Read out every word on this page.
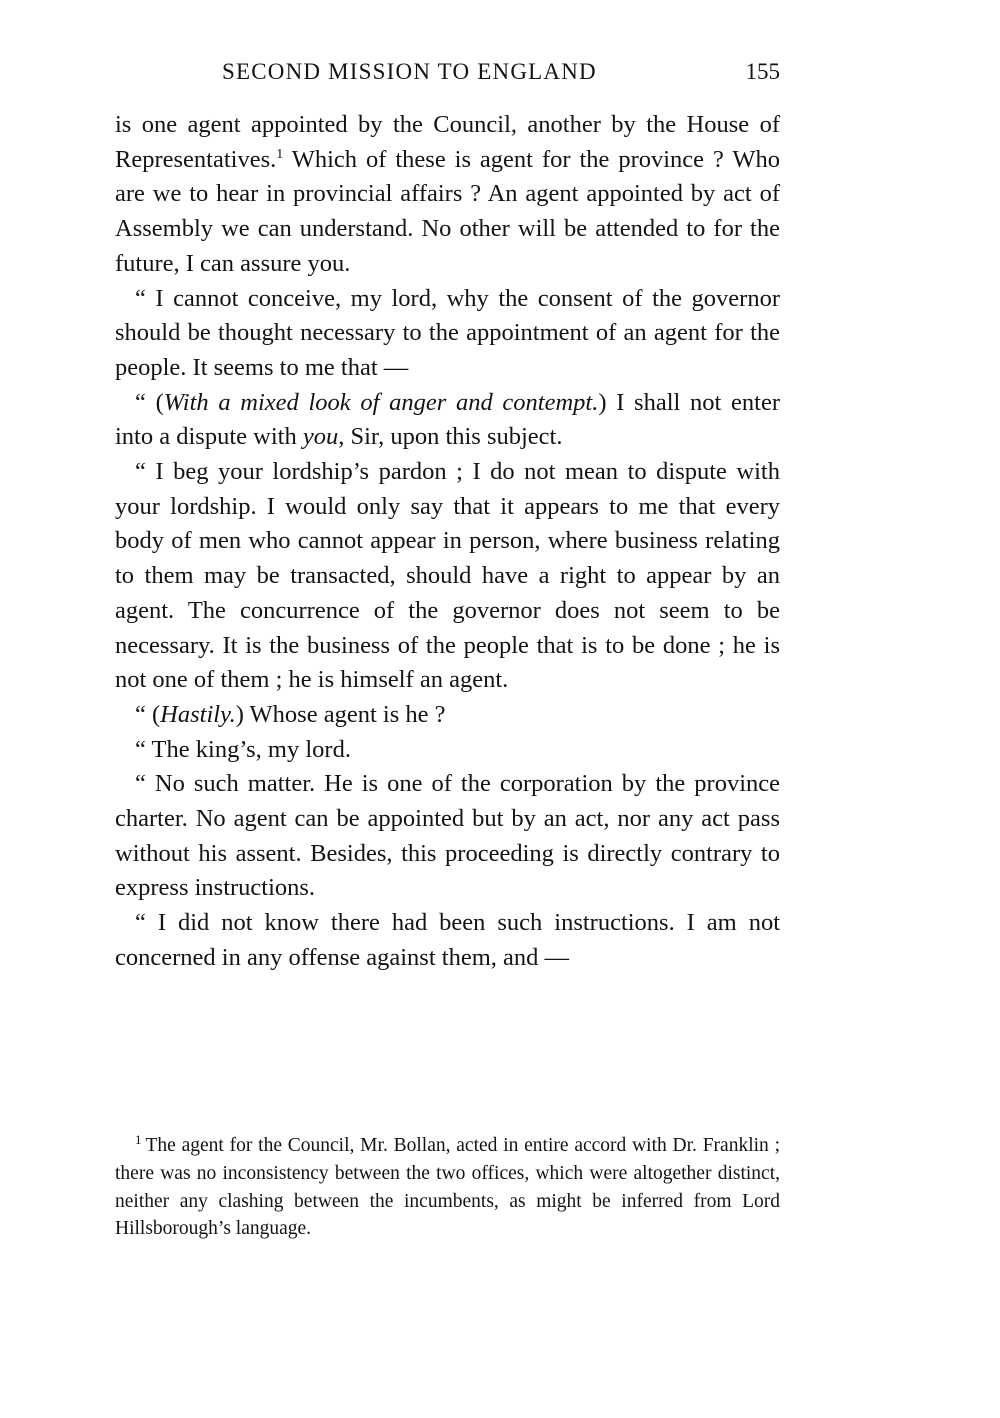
SECOND MISSION TO ENGLAND	155

is one agent appointed by the Council, another by the House of Representatives.$^1$ Which of these is agent for the province ? Who are we to hear in provincial affairs ? An agent appointed by act of Assembly we can understand. No other will be attended to for the future, I can assure you.

“ I cannot conceive, my lord, why the consent of the governor should be thought necessary to the appointment of an agent for the people. It seems to me that —

“ (With a mixed look of anger and contempt.) I shall not enter into a dispute with you, Sir, upon this subject.

“ I beg your lordship’s pardon ; I do not mean to dispute with your lordship. I would only say that it appears to me that every body of men who cannot appear in person, where business relating to them may be transacted, should have a right to appear by an agent. The concurrence of the governor does not seem to be necessary. It is the business of the people that is to be done ; he is not one of them ; he is himself an agent.

“ (Hastily.) Whose agent is he ?

“ The king’s, my lord.

“ No such matter. He is one of the corporation by the province charter. No agent can be appointed but by an act, nor any act pass without his assent. Besides, this proceeding is directly contrary to express instructions.

“ I did not know there had been such instructions. I am not concerned in any offense against them, and —

$^1$ The agent for the Council, Mr. Bollan, acted in entire accord with Dr. Franklin ; there was no inconsistency between the two offices, which were altogether distinct, neither any clashing between the incumbents, as might be inferred from Lord Hillsborough’s language.
